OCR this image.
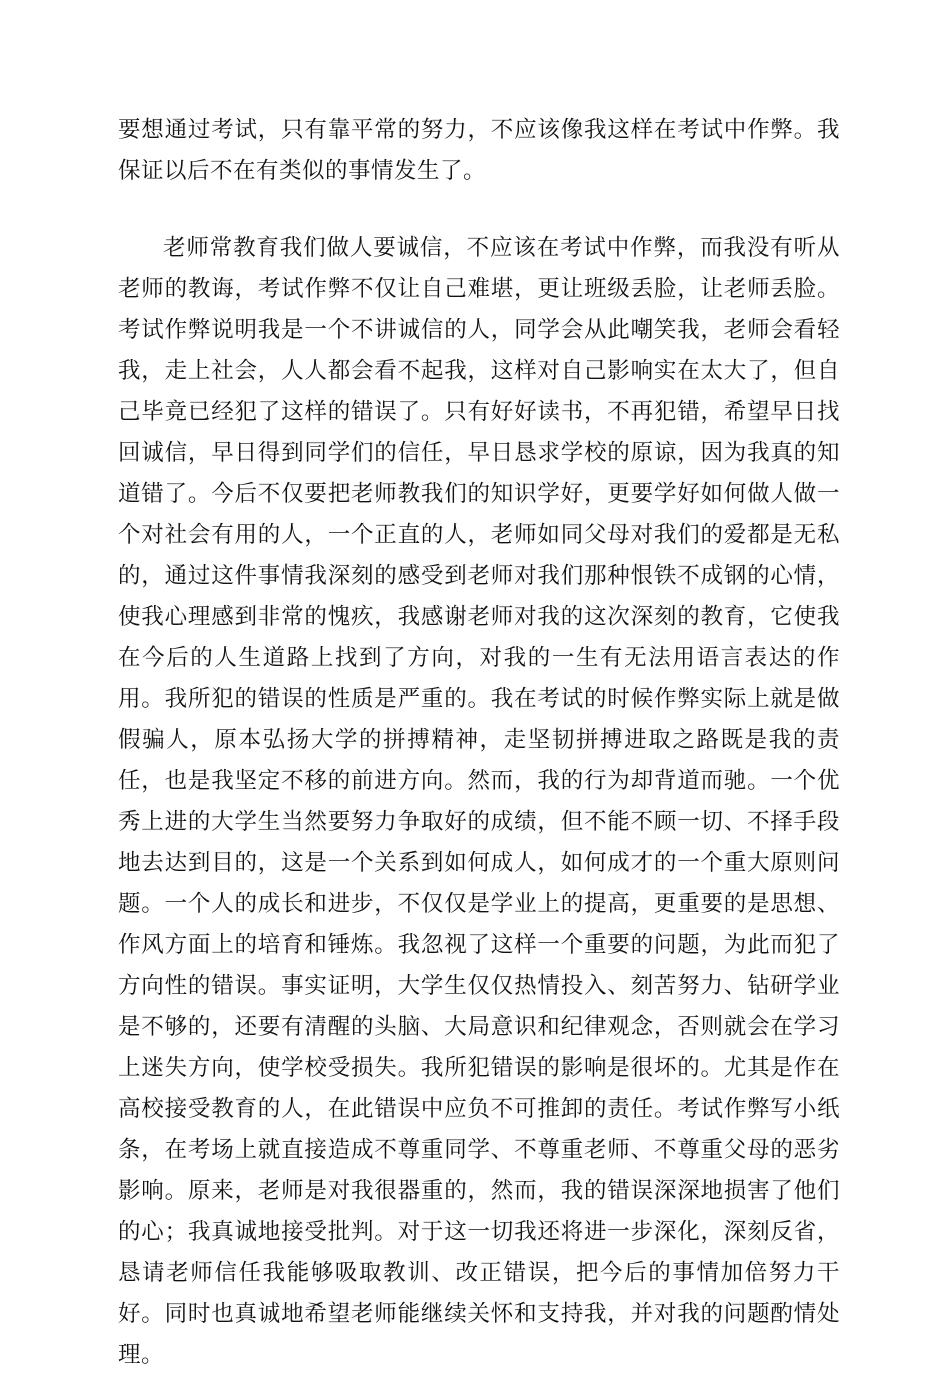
要想通过考试，只有靠平常的努力，不应该像我这样在考试中作弊。我保证以后不在有类似的事情发生了。

老师常教育我们做人要诚信，不应该在考试中作弊，而我没有听从老师的教诲，考试作弊不仅让自己难堪，更让班级丢脸，让老师丢脸。考试作弊说明我是一个不讲诚信的人，同学会从此嘲笑我，老师会看轻我，走上社会，人人都会看不起我，这样对自己影响实在太大了，但自己毕竟已经犯了这样的错误了。只有好好读书，不再犯错，希望早日找回诚信，早日得到同学们的信任，早日恳求学校的原谅，因为我真的知道错了。今后不仅要把老师教我们的知识学好，更要学好如何做人做一个对社会有用的人，一个正直的人，老师如同父母对我们的爱都是无私的，通过这件事情我深刻的感受到老师对我们那种恨铁不成钢的心情，使我心理感到非常的愧疚，我感谢老师对我的这次深刻的教育，它使我在今后的人生道路上找到了方向，对我的一生有无法用语言表达的作用。我所犯的错误的性质是严重的。我在考试的时候作弊实际上就是做假骗人，原本弘扬大学的拼搏精神，走坚韧拼搏进取之路既是我的责任，也是我坚定不移的前进方向。然而，我的行为却背道而驰。一个优秀上进的大学生当然要努力争取好的成绩，但不能不顾一切、不择手段地去达到目的，这是一个关系到如何成人，如何成才的一个重大原则问题。一个人的成长和进步，不仅仅是学业上的提高，更重要的是思想、作风方面上的培育和锤炼。我忽视了这样一个重要的问题，为此而犯了方向性的错误。事实证明，大学生仅仅热情投入、刻苦努力、钻研学业是不够的，还要有清醒的头脑、大局意识和纪律观念，否则就会在学习上迷失方向，使学校受损失。我所犯错误的影响是很坏的。尤其是作在高校接受教育的人，在此错误中应负不可推卸的责任。考试作弊写小纸条，在考场上就直接造成不尊重同学、不尊重老师、不尊重父母的恶劣影响。原来，老师是对我很器重的，然而，我的错误深深地损害了他们的心；我真诚地接受批判。对于这一切我还将进一步深化，深刻反省，恳请老师信任我能够吸取教训、改正错误，把今后的事情加倍努力干好。同时也真诚地希望老师能继续关怀和支持我，并对我的问题酌情处理。
